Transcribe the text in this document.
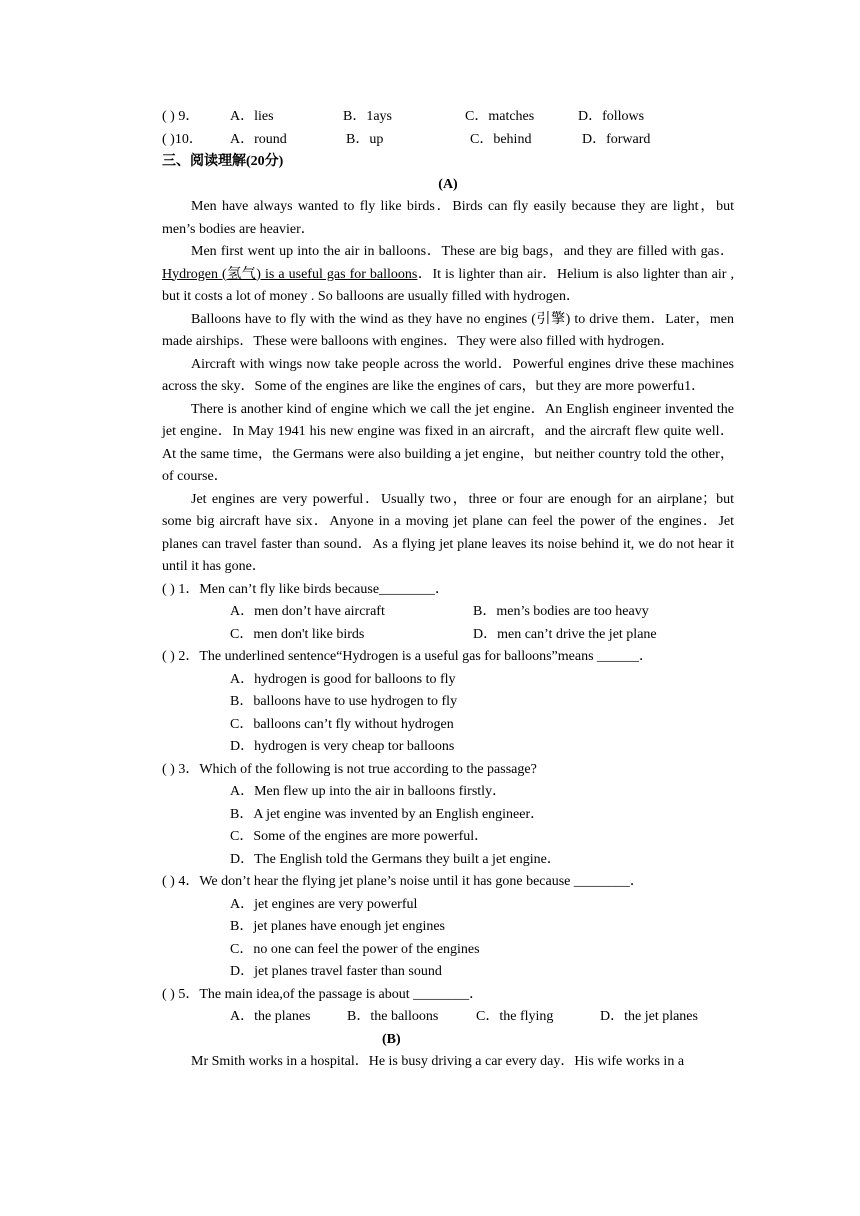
( ) 9． A．lies	B．1ays	C．matches	D．follows
( )10． A．round	B．up	C．behind	D．forward
三、阅读理解(20分)
(A)

Men have always wanted to fly like birds．Birds can fly easily because they are light，but men’s bodies are heavier．

Men first went up into the air in balloons．These are big bags，and they are filled with gas．Hydrogen (氢气) is a useful gas for balloons．It is lighter than air．Helium is also lighter than air , but it costs a lot of money . So balloons are usually filled with hydrogen．

Balloons have to fly with the wind as they have no engines (引擎) to drive them．Later，men made airships．These were balloons with engines．They were also filled with hydrogen．

Aircraft with wings now take people across the world．Powerful engines drive these machines across the sky．Some of the engines are like the engines of cars，but they are more powerfu1．

There is another kind of engine which we call the jet engine．An English engineer invented the jet engine．In May 1941 his new engine was fixed in an aircraft，and the aircraft flew quite well．At the same time，the Germans were also building a jet engine，but neither country told the other，of course．

Jet engines are very powerful．Usually two，three or four are enough for an airplane；but some big aircraft have six．Anyone in a moving jet plane can feel the power of the engines．Jet planes can travel faster than sound．As a flying jet plane leaves its noise behind it, we do not hear it until it has gone．

( ) 1．Men can’t fly like birds because________．
A．men don’t have aircraft	B．men’s bodies are too heavy
C．men don't like birds	D．men can’t drive the jet plane
( ) 2．The underlined sentence“Hydrogen is a useful gas for balloons”means ______．
A．hydrogen is good for balloons to fly
B．balloons have to use hydrogen to fly
C．balloons can’t fly without hydrogen
D．hydrogen is very cheap tor balloons
( ) 3．Which of the following is not true according to the passage?
A．Men flew up into the air in balloons firstly．
B．A jet engine was invented by an English engineer．
C．Some of the engines are more powerful．
D．The English told the Germans they built a jet engine．
( ) 4．We don’t hear the flying jet plane’s noise until it has gone because ________．
A．jet engines are very powerful
B．jet planes have enough jet engines
C．no one can feel the power of the engines
D．jet planes travel faster than sound
( ) 5．The main idea,of the passage is about ________．
A．the planes	B．the balloons	C．the flying	D．the jet planes
(B)

Mr Smith works in a hospital．He is busy driving a car every day．His wife works in a
